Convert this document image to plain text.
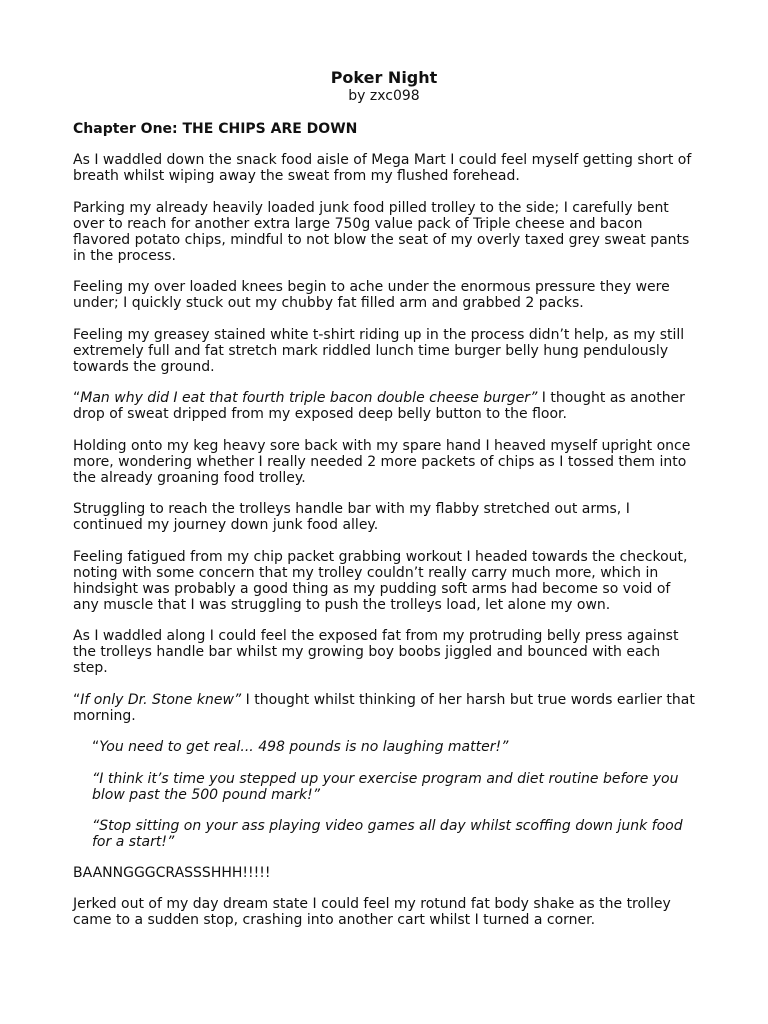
Poker Night
by zxc098
Chapter One: THE CHIPS ARE DOWN

As I waddled down the snack food aisle of Mega Mart I could feel myself getting short of breath whilst wiping away the sweat from my flushed forehead.

Parking my already heavily loaded junk food pilled trolley to the side; I carefully bent over to reach for another extra large 750g value pack of Triple cheese and bacon flavored potato chips, mindful to not blow the seat of my overly taxed grey sweat pants in the process.

Feeling my over loaded knees begin to ache under the enormous pressure they were under; I quickly stuck out my chubby fat filled arm and grabbed 2 packs.

Feeling my greasey stained white t-shirt riding up in the process didn’t help, as my still extremely full and fat stretch mark riddled lunch time burger belly hung pendulously towards the ground.

“Man why did I eat that fourth triple bacon double cheese burger” I thought as another drop of sweat dripped from my exposed deep belly button to the floor.

Holding onto my keg heavy sore back with my spare hand I heaved myself upright once more, wondering whether I really needed 2 more packets of chips as I tossed them into the already groaning food trolley.

Struggling to reach the trolleys handle bar with my flabby stretched out arms, I continued my journey down junk food alley.

Feeling fatigued from my chip packet grabbing workout I headed towards the checkout, noting with some concern that my trolley couldn’t really carry much more, which in hindsight was probably a good thing as my pudding soft arms had become so void of any muscle that I was struggling to push the trolleys load, let alone my own.

As I waddled along I could feel the exposed fat from my protruding belly press against the trolleys handle bar whilst my growing boy boobs jiggled and bounced with each step.

“If only Dr. Stone knew” I thought whilst thinking of her harsh but true words earlier that morning.

“You need to get real... 498 pounds is no laughing matter!”

“I think it’s time you stepped up your exercise program and diet routine before you blow past the 500 pound mark!”

“Stop sitting on your ass playing video games all day whilst scoffing down junk food for a start!”

BAANNGGGCRASSSHHH!!!!!

Jerked out of my day dream state I could feel my rotund fat body shake as the trolley came to a sudden stop, crashing into another cart whilst I turned a corner.
